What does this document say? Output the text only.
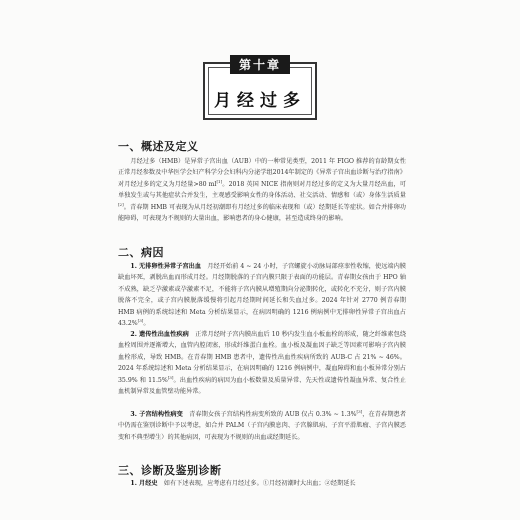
第十章
月经过多
一、概述及定义

月经过多（HMB）是异常子宫出血（AUB）中的一种常见类型，2011 年 FIGO 推荐的育龄期女性正常月经参数及中华医学会妇产科学分会妇科内分泌学组2014年制定的《异常子宫出血诊断与治疗指南》对月经过多的定义为月经量>80 ml[1]。2018 英国 NICE 指南则对月经过多的定义为大量月经出血，可单独发生或与其他症状合并发生，主观感受影响女性的身体活动、社交活动、情感和（或）身体生活质量[2]。青春期 HMB 可表现为从月经初潮即有月经过多的临床表现和（或）经期延长等症状。如合并排卵功能障碍，可表现为不规则的大量出血，影响患者的身心健康，甚至造成终身的影响。

二、病因

1. 无排卵性异常子宫出血　 月经开始前 4 ~ 24 小时，子宫螺旋小动脉局部痉挛性收缩，使远端内膜缺血坏死，剥脱出血而形成月经。月经期脱落的子宫内膜只限于表面的功能层。青春期女孩由于 HPO 轴不成熟，缺乏孕激素或孕激素不足，不能将子宫内膜从增殖期向分泌期转化，或转化不充分，则子宫内膜脱落不完全，或子宫内膜脱落缓慢将引起月经期时间延长和失血过多。2024 年针对 2770 例青春期 HMB 病例的系统综述和 Meta 分析结果显示，在病因明确的 1216 例病例中无排卵性异常子宫出血占 43.2%[3]。

2. 遗传性出血性疾病　 正常月经时子宫内膜出血后 10 秒内发生血小板血栓的形成，随之纤维素包绕血栓周围并逐渐增大，血管内腔闭塞，形成纤维蛋白血栓。血小板及凝血因子缺乏等因素可影响子宫内膜血栓形成，导致 HMB。在青春期 HMB 患者中，遗传性出血性疾病所致的 AUB-C 占 21% ~ 46%。2024 年系统综述和 Meta 分析结果显示，在病因明确的 1216 例病例中，凝血障碍和血小板异常分别占 35.9% 和 11.5%[3]。出血性疾病的病因为血小板数量及质量异常、先天性或遗传性凝血异常、复合性止血机制异常及血管壁功能异常。

3. 子宫结构性病变　 青春期女孩子宫结构性病变所致的 AUB 仅占 0.3% ~ 1.3%[3]，在青春期患者中仍需在鉴别诊断中予以考虑，如合并 PALM（子宫内膜息肉、子宫腺肌病、子宫平滑肌瘤、子宫内膜恶变和不典型增生）的其他病因，可表现为不规则的出血或经期延长。

三、诊断及鉴别诊断

1. 月经史　 如有下述表现，应考虑有月经过多。①月经初潮时大出血；②经期延长
